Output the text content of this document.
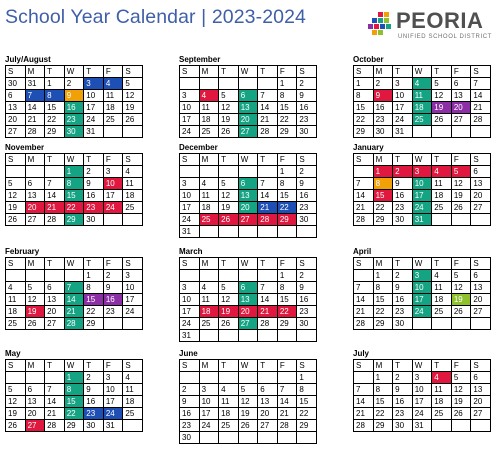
School Year Calendar | 2023-2024	PEORIA
UNIFIED SCHOOL DISTRICT
July/August
S	M	T	W	T	F	S
30	31	1	2	3	4	5
6	7	8	9	10	11	12
13	14	15	16	17	18	19
20	21	22	23	24	25	26
27	28	29	30	31		
September
S	M	T	W	T	F	S
					1	2
3	4	5	6	7	8	9
10	11	12	13	14	15	16
17	18	19	20	21	22	23
24	25	26	27	28	29	30
October
S	M	T	W	T	F	S
1	2	3	4	5	6	7
8	9	10	11	12	13	14
15	16	17	18	19	20	21
22	23	24	25	26	27	28
29	30	31				
November
S	M	T	W	T	F	S
			1	2	3	4
5	6	7	8	9	10	11
12	13	14	15	16	17	18
19	20	21	22	23	24	25
26	27	28	29	30		
December
S	M	T	W	T	F	S
					1	2
3	4	5	6	7	8	9
10	11	12	13	14	15	16
17	18	19	20	21	22	23
24	25	26	27	28	29	30
31						
January
S	M	T	W	T	F	S
	1	2	3	4	5	6
7	8	9	10	11	12	13
14	15	16	17	18	19	20
21	22	23	24	25	26	27
28	29	30	31			
February
S	M	T	W	T	F	S
				1	2	3
4	5	6	7	8	9	10
11	12	13	14	15	16	17
18	19	20	21	22	23	24
25	26	27	28	29		
March
S	M	T	W	T	F	S
					1	2
3	4	5	6	7	8	9
10	11	12	13	14	15	16
17	18	19	20	21	22	23
24	25	26	27	28	29	30
31						
April
S	M	T	W	T	F	S
	1	2	3	4	5	6
7	8	9	10	11	12	13
14	15	16	17	18	19	20
21	22	23	24	25	26	27
28	29	30				
May
S	M	T	W	T	F	S
			1	2	3	4
5	6	7	8	9	10	11
12	13	14	15	16	17	18
19	20	21	22	23	24	25
26	27	28	29	30	31	
June
S	M	T	W	T	F	S
						1
2	3	4	5	6	7	8
9	10	11	12	13	14	15
16	17	18	19	20	21	22
23	24	25	26	27	28	29
30						
July
S	M	T	W	T	F	S
	1	2	3	4	5	6
7	8	9	10	11	12	13
14	15	16	17	18	19	20
21	22	23	24	25	26	27
28	29	30	31			
